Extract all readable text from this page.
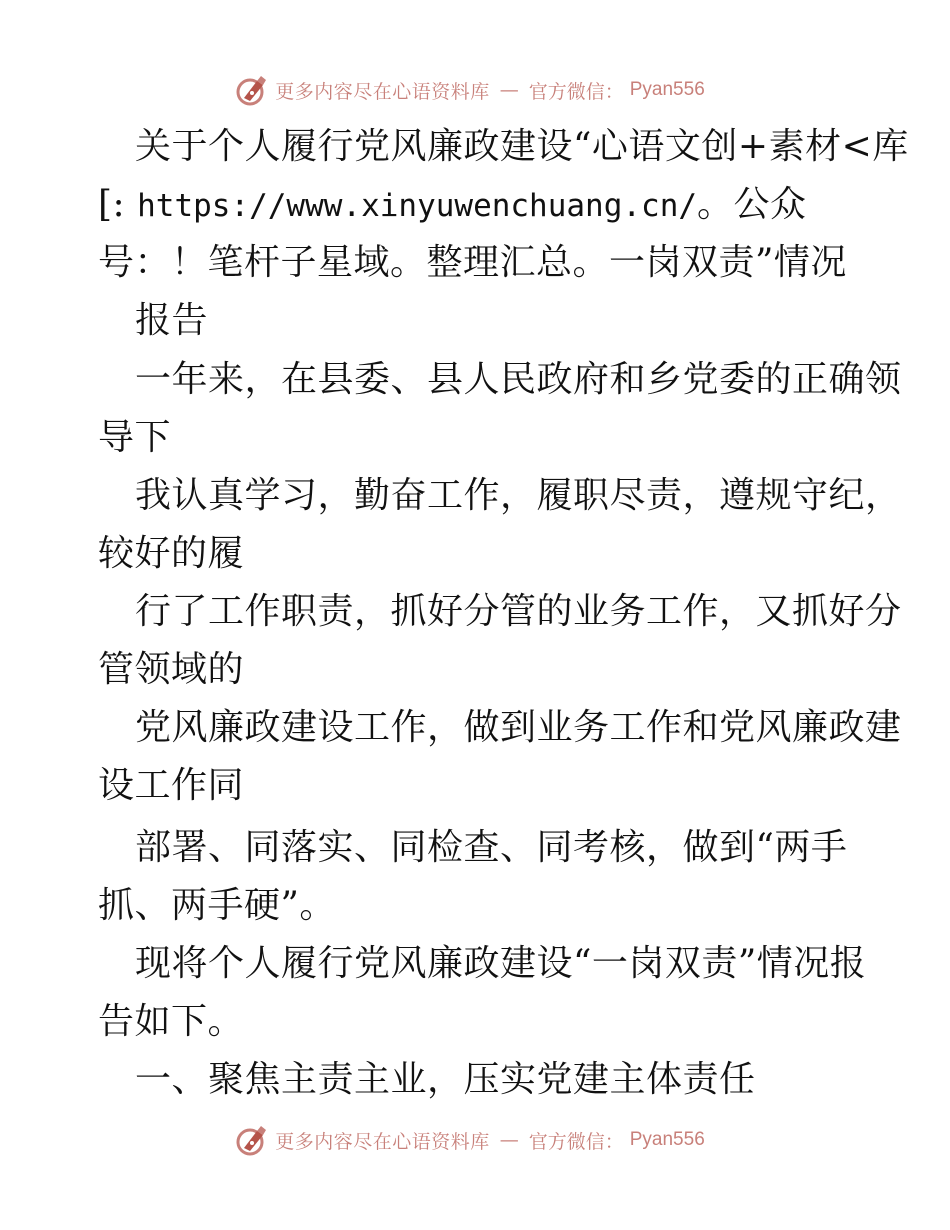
更多内容尽在心语资料库 — 官方微信： Pyan556
关于个人履行党风廉政建设“心语文创+素材<库
[: https://www.xinyuwenchuang.cn/。公众
号：！笔杆子星域。整理汇总。一岗双责”情况
报告
一年来，在县委、县人民政府和乡党委的正确领
导下
我认真学习，勤奋工作，履职尽责，遵规守纪，
较好的履
行了工作职责，抓好分管的业务工作，又抓好分
管领域的
党风廉政建设工作，做到业务工作和党风廉政建
设工作同
部署、同落实、同检查、同考核，做到“两手
抓、两手硬”。
现将个人履行党风廉政建设“一岗双责”情况报
告如下。
一、聚焦主责主业，压实党建主体责任
更多内容尽在心语资料库 — 官方微信： Pyan556
